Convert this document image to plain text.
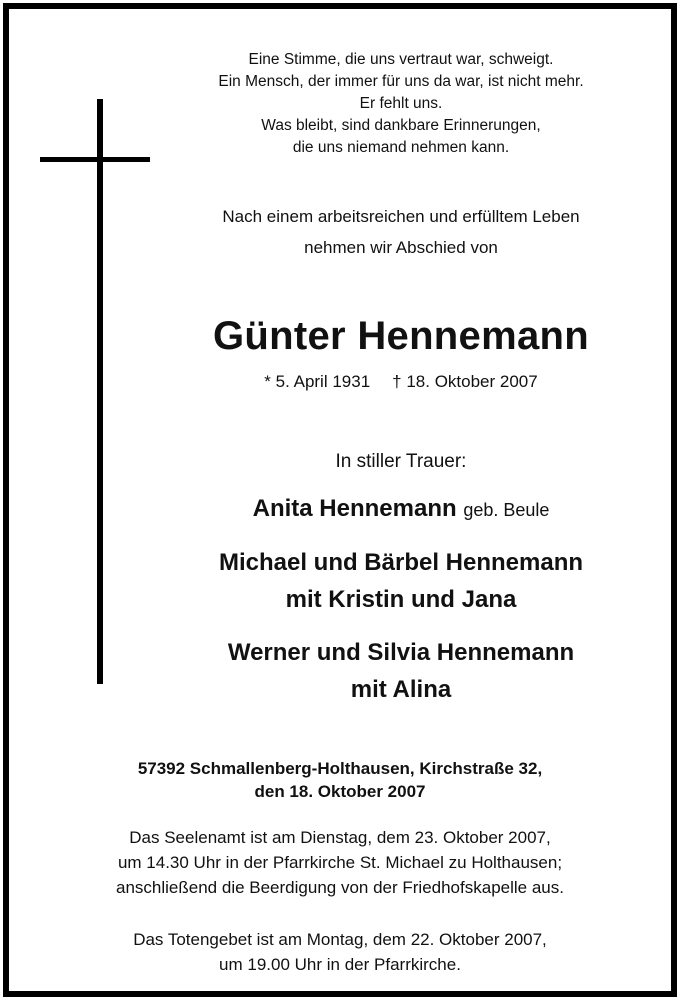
Eine Stimme, die uns vertraut war, schweigt.
Ein Mensch, der immer für uns da war, ist nicht mehr.
Er fehlt uns.
Was bleibt, sind dankbare Erinnerungen,
die uns niemand nehmen kann.
Nach einem arbeitsreichen und erfülltem Leben
nehmen wir Abschied von
Günter Hennemann
* 5. April 1931 † 18. Oktober 2007
In stiller Trauer:
Anita Hennemann geb. Beule
Michael und Bärbel Hennemann
mit Kristin und Jana
Werner und Silvia Hennemann
mit Alina
57392 Schmallenberg-Holthausen, Kirchstraße 32,
den 18. Oktober 2007
Das Seelenamt ist am Dienstag, dem 23. Oktober 2007,
um 14.30 Uhr in der Pfarrkirche St. Michael zu Holthausen;
anschließend die Beerdigung von der Friedhofskapelle aus.
Das Totengebet ist am Montag, dem 22. Oktober 2007,
um 19.00 Uhr in der Pfarrkirche.
